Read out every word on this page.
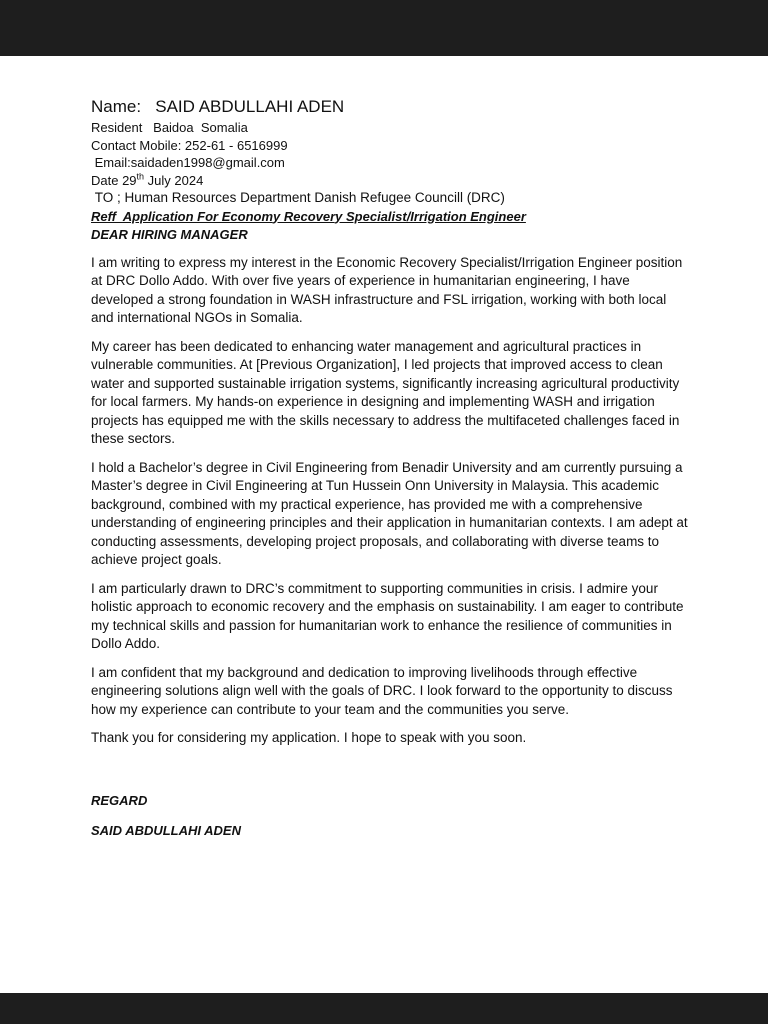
Name:   SAID ABDULLAHI ADEN
Resident   Baidoa  Somalia
Contact Mobile: 252-61 - 6516999
Email:saidaden1998@gmail.com
Date 29th July 2024
TO ; Human Resources Department Danish Refugee Councill (DRC)
Reff  Application For Economy Recovery Specialist/Irrigation Engineer
DEAR HIRING MANAGER

I am writing to express my interest in the Economic Recovery Specialist/Irrigation Engineer position at DRC Dollo Addo. With over five years of experience in humanitarian engineering, I have developed a strong foundation in WASH infrastructure and FSL irrigation, working with both local and international NGOs in Somalia.

My career has been dedicated to enhancing water management and agricultural practices in vulnerable communities. At [Previous Organization], I led projects that improved access to clean water and supported sustainable irrigation systems, significantly increasing agricultural productivity for local farmers. My hands-on experience in designing and implementing WASH and irrigation projects has equipped me with the skills necessary to address the multifaceted challenges faced in these sectors.

I hold a Bachelor’s degree in Civil Engineering from Benadir University and am currently pursuing a Master’s degree in Civil Engineering at Tun Hussein Onn University in Malaysia. This academic background, combined with my practical experience, has provided me with a comprehensive understanding of engineering principles and their application in humanitarian contexts. I am adept at conducting assessments, developing project proposals, and collaborating with diverse teams to achieve project goals.

I am particularly drawn to DRC’s commitment to supporting communities in crisis. I admire your holistic approach to economic recovery and the emphasis on sustainability. I am eager to contribute my technical skills and passion for humanitarian work to enhance the resilience of communities in Dollo Addo.

I am confident that my background and dedication to improving livelihoods through effective engineering solutions align well with the goals of DRC. I look forward to the opportunity to discuss how my experience can contribute to your team and the communities you serve.

Thank you for considering my application. I hope to speak with you soon.

REGARD
SAID ABDULLAHI ADEN
